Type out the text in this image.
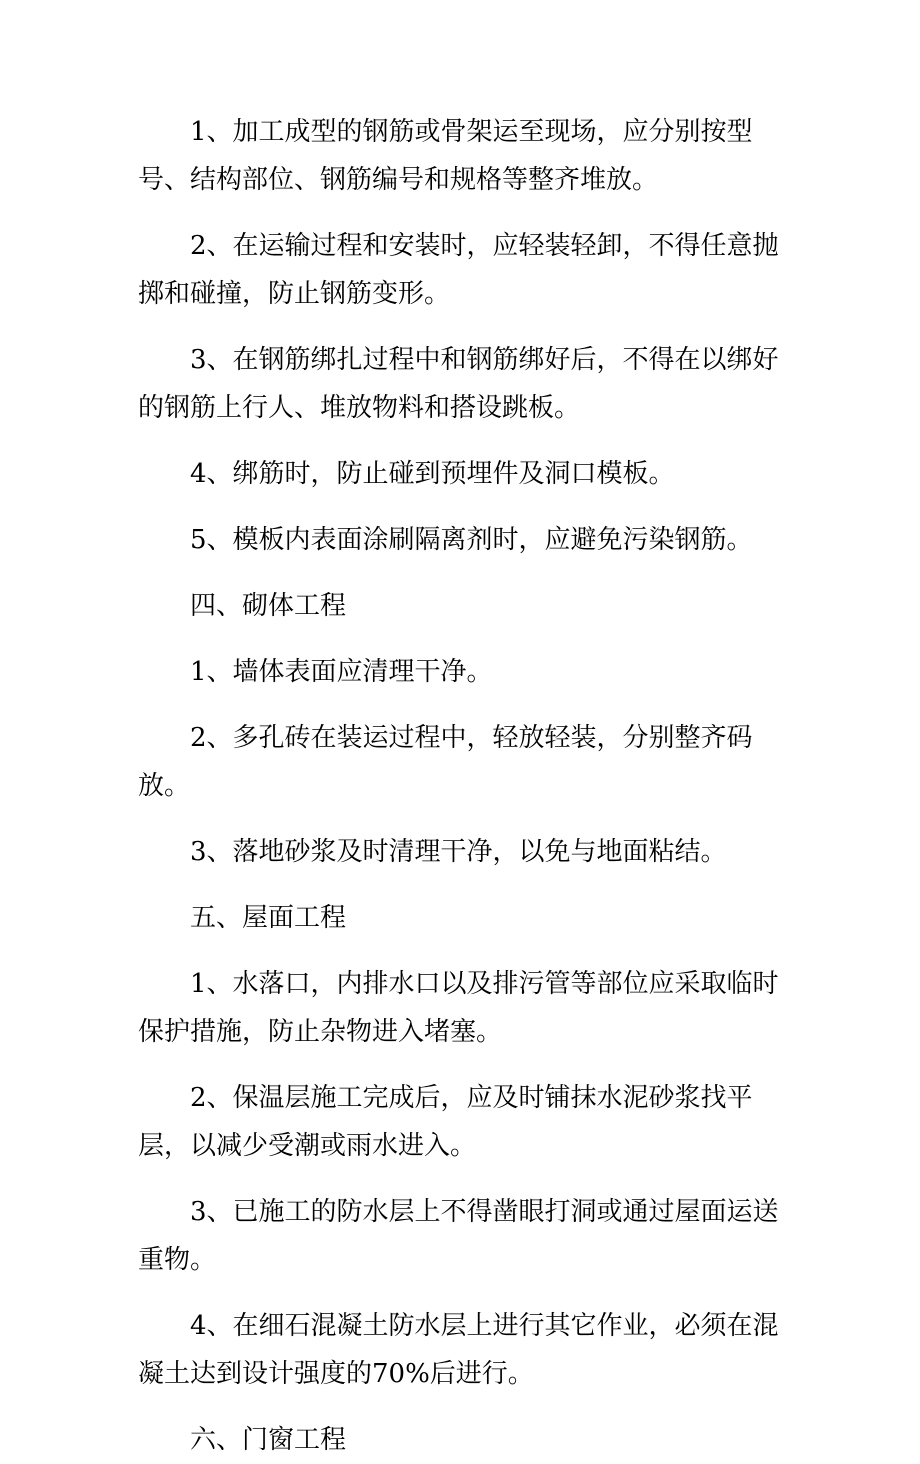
1、加工成型的钢筋或骨架运至现场，应分别按型号、结构部位、钢筋编号和规格等整齐堆放。

2、在运输过程和安装时，应轻装轻卸，不得任意抛掷和碰撞，防止钢筋变形。

3、在钢筋绑扎过程中和钢筋绑好后，不得在以绑好的钢筋上行人、堆放物料和搭设跳板。

4、绑筋时，防止碰到预埋件及洞口模板。

5、模板内表面涂刷隔离剂时，应避免污染钢筋。

四、砌体工程

1、墙体表面应清理干净。

2、多孔砖在装运过程中，轻放轻装，分别整齐码放。

3、落地砂浆及时清理干净，以免与地面粘结。

五、屋面工程

1、水落口，内排水口以及排污管等部位应采取临时保护措施，防止杂物进入堵塞。

2、保温层施工完成后，应及时铺抹水泥砂浆找平层，以减少受潮或雨水进入。

3、已施工的防水层上不得凿眼打洞或通过屋面运送重物。

4、在细石混凝土防水层上进行其它作业，必须在混凝土达到设计强度的70%后进行。

六、门窗工程
